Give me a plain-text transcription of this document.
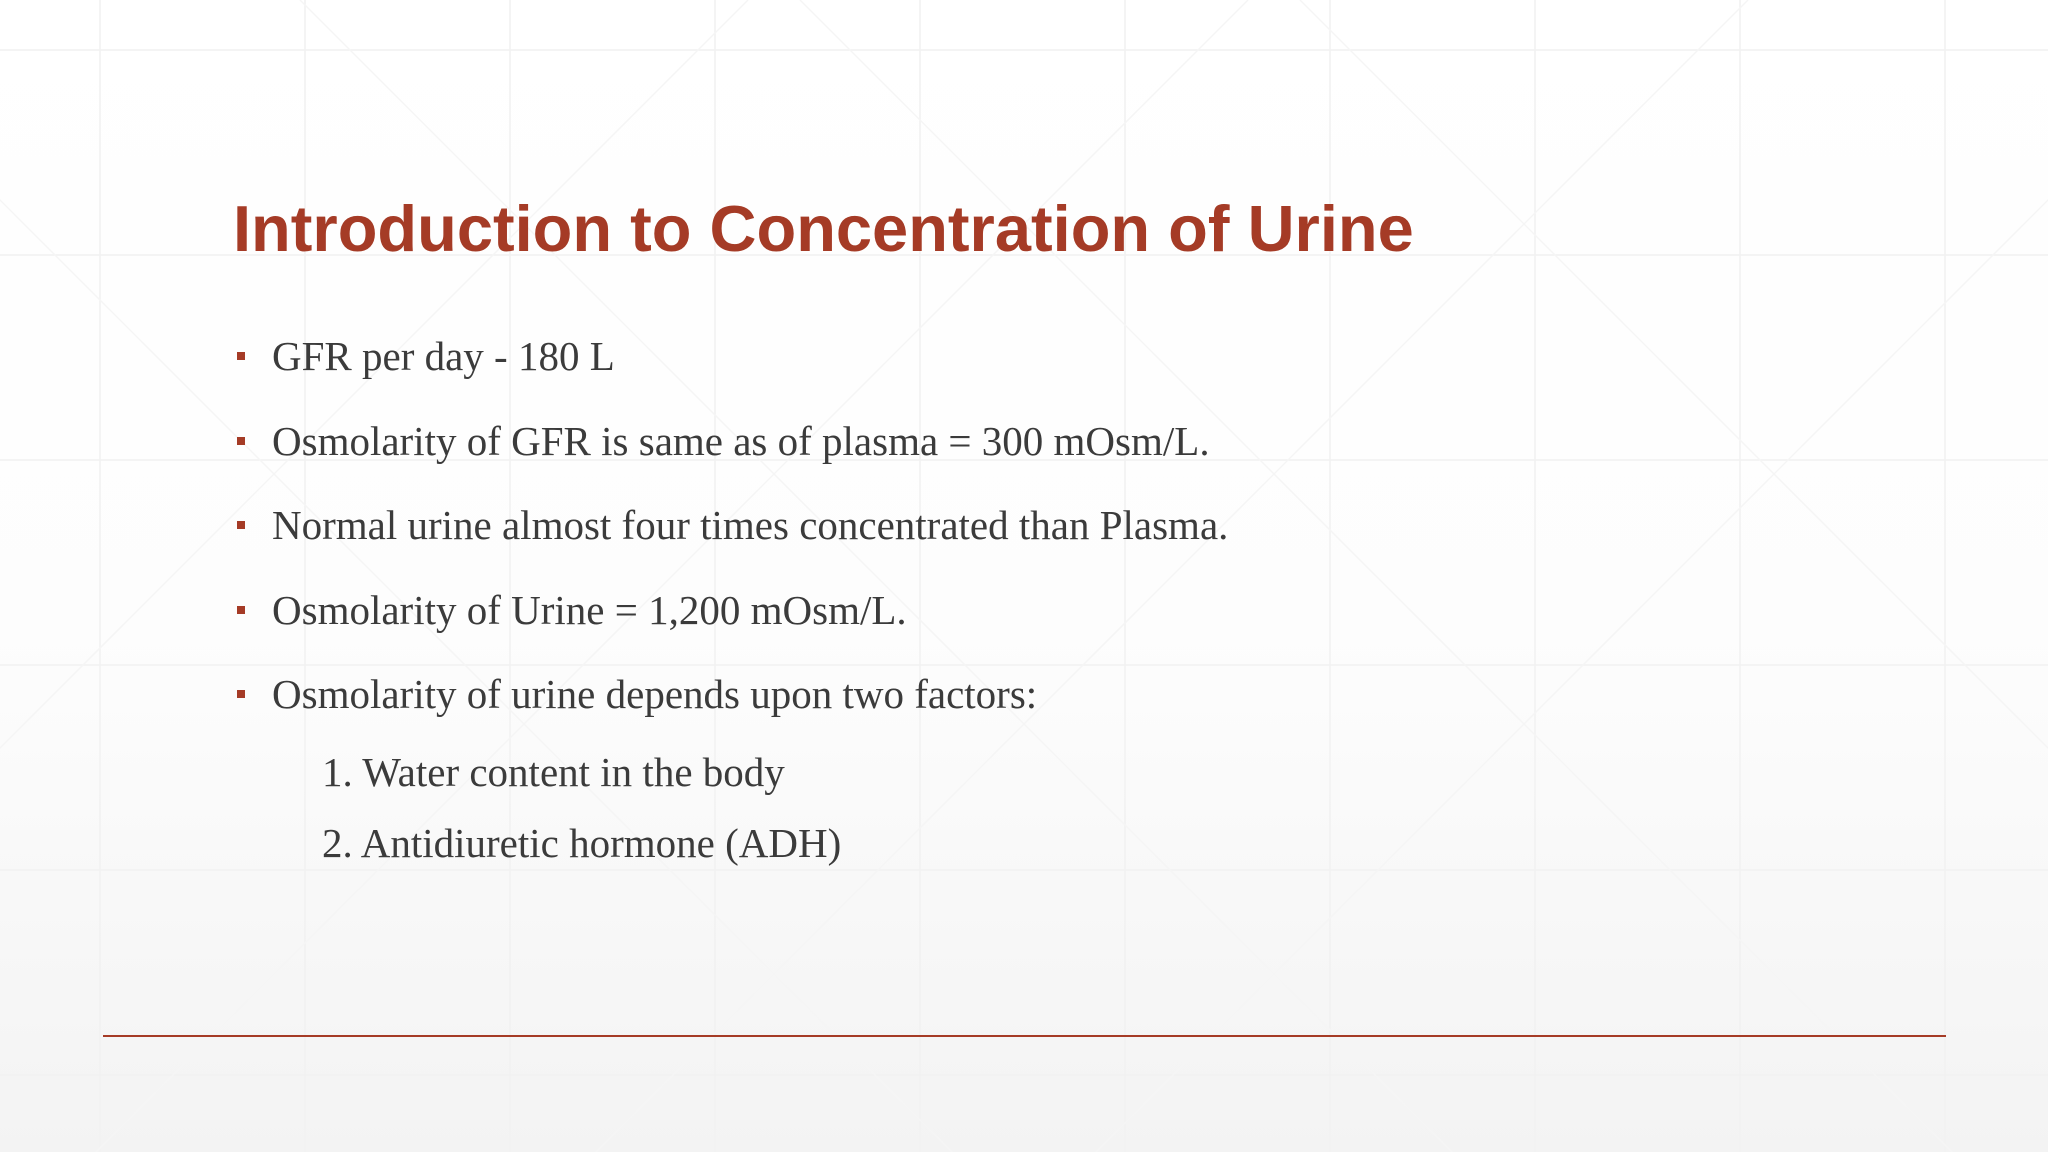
Introduction to Concentration of Urine
GFR per day - 180 L
Osmolarity of GFR is same as of plasma = 300 mOsm/L.
Normal urine almost four times concentrated than Plasma.
Osmolarity of Urine = 1,200 mOsm/L.
Osmolarity of urine depends upon two factors:
1. Water content in the body
2. Antidiuretic hormone (ADH)
